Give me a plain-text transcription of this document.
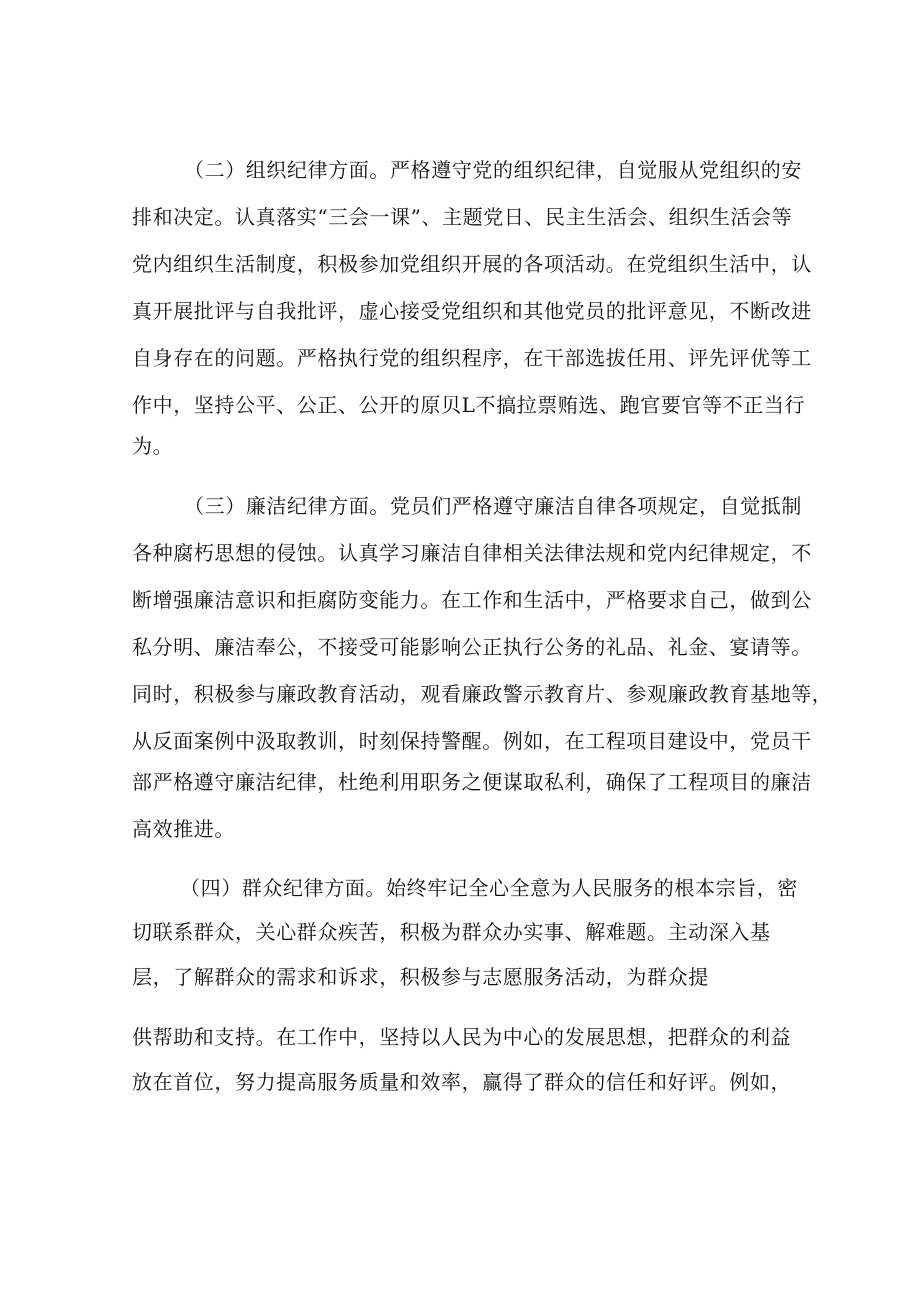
（二）组织纪律方面。严格遵守党的组织纪律，自觉服从党组织的安
排和决定。认真落实“三会一课”、主题党日、民主生活会、组织生活会等
党内组织生活制度，积极参加党组织开展的各项活动。在党组织生活中，认
真开展批评与自我批评，虚心接受党组织和其他党员的批评意见，不断改进
自身存在的问题。严格执行党的组织程序，在干部选拔任用、评先评优等工
作中，坚持公平、公正、公开的原贝L不搞拉票贿选、跑官要官等不正当行
为。
（三）廉洁纪律方面。党员们严格遵守廉洁自律各项规定，自觉抵制
各种腐朽思想的侵蚀。认真学习廉洁自律相关法律法规和党内纪律规定，不
断增强廉洁意识和拒腐防变能力。在工作和生活中，严格要求自己，做到公
私分明、廉洁奉公，不接受可能影响公正执行公务的礼品、礼金、宴请等。
同时，积极参与廉政教育活动，观看廉政警示教育片、参观廉政教育基地等，
从反面案例中汲取教训，时刻保持警醒。例如，在工程项目建设中，党员干
部严格遵守廉洁纪律，杜绝利用职务之便谋取私利，确保了工程项目的廉洁
高效推进。
（四）群众纪律方面。始终牢记全心全意为人民服务的根本宗旨，密
切联系群众，关心群众疾苦，积极为群众办实事、解难题。主动深入基
层，了解群众的需求和诉求，积极参与志愿服务活动，为群众提
供帮助和支持。在工作中，坚持以人民为中心的发展思想，把群众的利益
放在首位，努力提高服务质量和效率，赢得了群众的信任和好评。例如，
